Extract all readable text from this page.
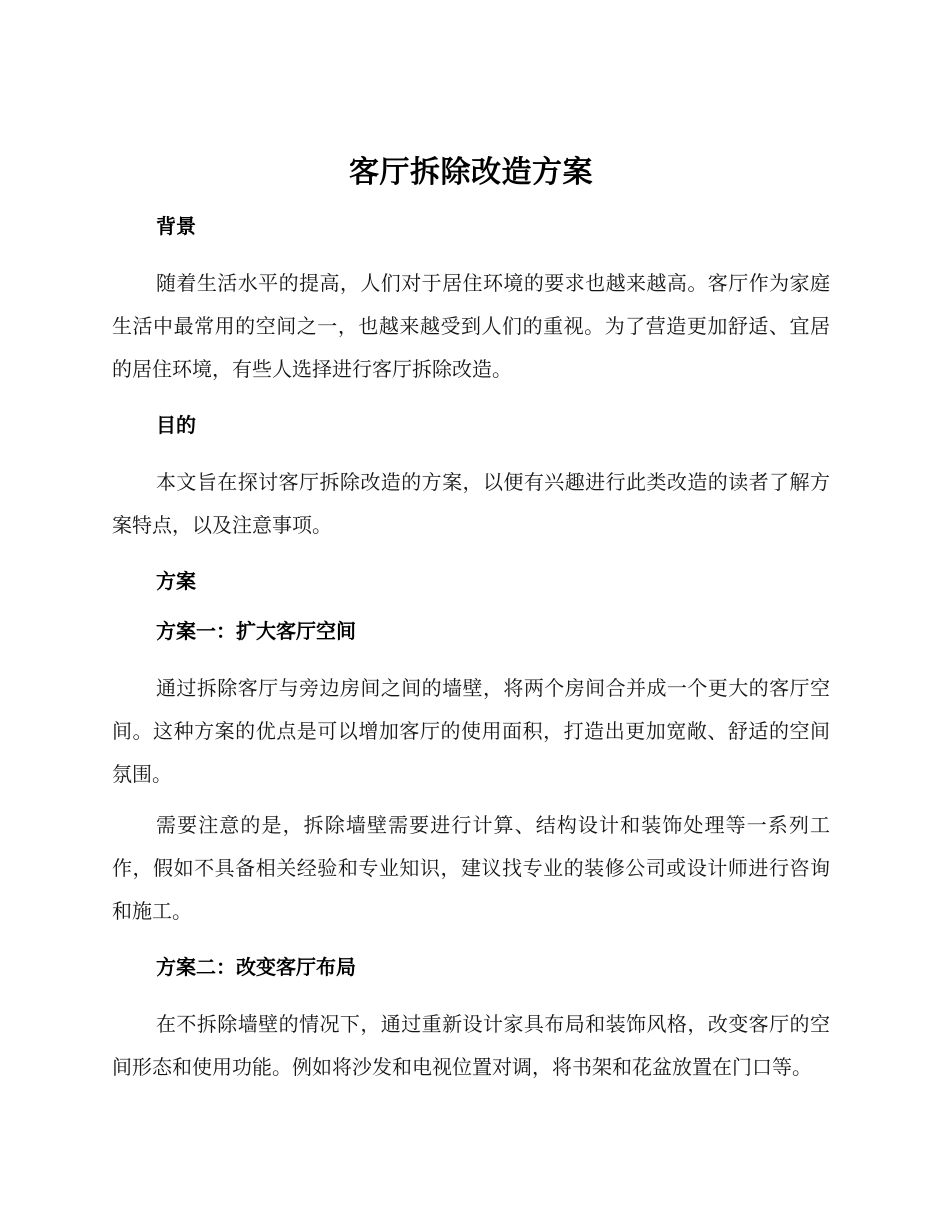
客厅拆除改造方案
背景

随着生活水平的提高，人们对于居住环境的要求也越来越高。客厅作为家庭生活中最常用的空间之一，也越来越受到人们的重视。为了营造更加舒适、宜居的居住环境，有些人选择进行客厅拆除改造。

目的

本文旨在探讨客厅拆除改造的方案，以便有兴趣进行此类改造的读者了解方案特点，以及注意事项。

方案
方案一：扩大客厅空间

通过拆除客厅与旁边房间之间的墙壁，将两个房间合并成一个更大的客厅空间。这种方案的优点是可以增加客厅的使用面积，打造出更加宽敞、舒适的空间氛围。

需要注意的是，拆除墙壁需要进行计算、结构设计和装饰处理等一系列工作，假如不具备相关经验和专业知识，建议找专业的装修公司或设计师进行咨询和施工。

方案二：改变客厅布局

在不拆除墙壁的情况下，通过重新设计家具布局和装饰风格，改变客厅的空间形态和使用功能。例如将沙发和电视位置对调，将书架和花盆放置在门口等。
